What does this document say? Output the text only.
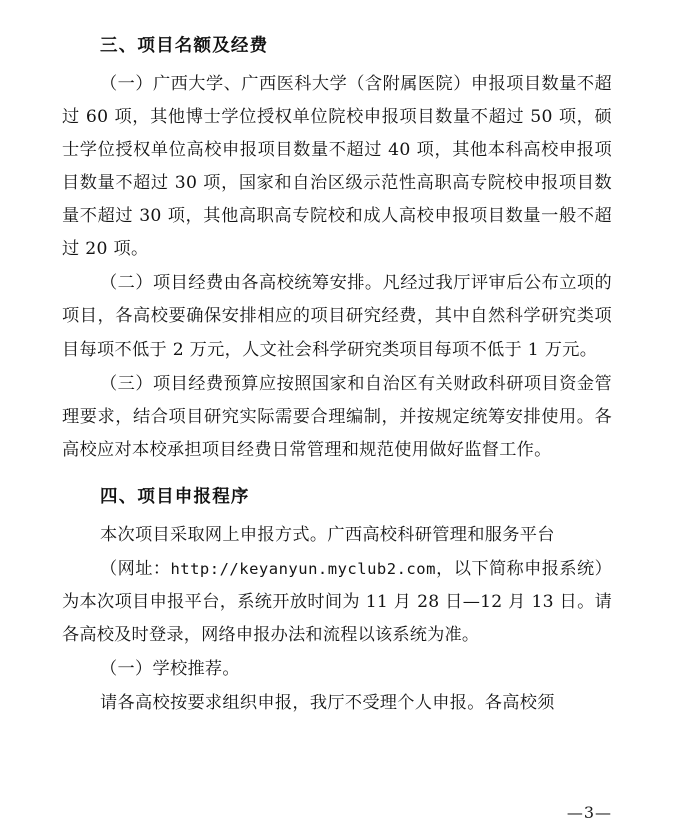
三、项目名额及经费

（一）广西大学、广西医科大学（含附属医院）申报项目数量不超过 60 项，其他博士学位授权单位院校申报项目数量不超过 50 项，硕士学位授权单位高校申报项目数量不超过 40 项，其他本科高校申报项目数量不超过 30 项，国家和自治区级示范性高职高专院校申报项目数量不超过 30 项，其他高职高专院校和成人高校申报项目数量一般不超过 20 项。

（二）项目经费由各高校统筹安排。凡经过我厅评审后公布立项的项目，各高校要确保安排相应的项目研究经费，其中自然科学研究类项目每项不低于 2 万元，人文社会科学研究类项目每项不低于 1 万元。

（三）项目经费预算应按照国家和自治区有关财政科研项目资金管理要求，结合项目研究实际需要合理编制，并按规定统筹安排使用。各高校应对本校承担项目经费日常管理和规范使用做好监督工作。

四、项目申报程序

本次项目采取网上申报方式。广西高校科研管理和服务平台

（网址：http://keyanyun.myclub2.com，以下简称申报系统）为本次项目申报平台，系统开放时间为 11 月 28 日—12 月 13 日。请各高校及时登录，网络申报办法和流程以该系统为准。

（一）学校推荐。

请各高校按要求组织申报，我厅不受理个人申报。各高校须

—3—
